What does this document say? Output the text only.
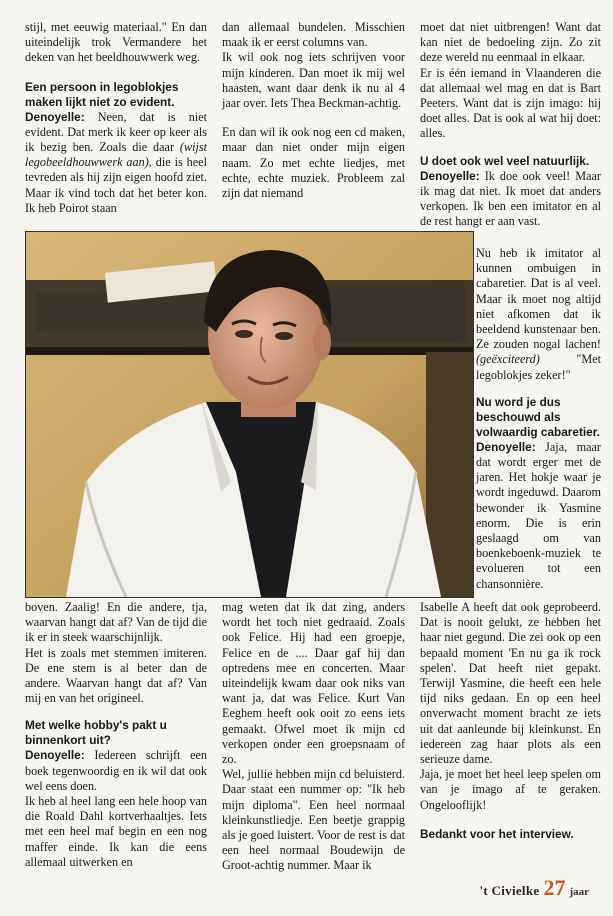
stijl, met eeuwig materiaal." En dan uiteindelijk trok Vermandere het deken van het beeldhouwwerk weg.

Een persoon in legoblokjes maken lijkt niet zo evident.

Denoyelle: Neen, dat is niet evident. Dat merk ik keer op keer als ik bezig ben. Zoals die daar (wijst legobeeldhouwwerk aan), die is heel tevreden als hij zijn eigen hoofd ziet. Maar ik vind toch dat het beter kon. Ik heb Poirot staan

dan allemaal bundelen. Misschien maak ik er eerst columns van.

Ik wil ook nog iets schrijven voor mijn kinderen. Dan moet ik mij wel haasten, want daar denk ik nu al 4 jaar over. Iets Thea Beckman-achtig.

En dan wil ik ook nog een cd maken, maar dan niet onder mijn eigen naam. Zo met echte liedjes, met echte, echte muziek. Probleem zal zijn dat niemand

moet dat niet uitbrengen! Want dat kan niet de bedoeling zijn. Zo zit deze wereld nu eenmaal in elkaar.

Er is één iemand in Vlaanderen die dat allemaal wel mag en dat is Bart Peeters. Want dat is zijn imago: hij doet alles. Dat is ook al wat hij doet: alles.

U doet ook wel veel natuurlijk.

Denoyelle: Ik doe ook veel! Maar ik mag dat niet. Ik moet dat anders verkopen. Ik ben een imitator en al de rest hangt er aan vast.

Nu heb ik imitator al kunnen ombuigen in cabaretier. Dat is al veel. Maar ik moet nog altijd niet afkomen dat ik beeldend kunstenaar ben. Ze zouden nogal lachen! (geëxciteerd)	"Met legoblokjes zeker!"

Nu word je dus beschouwd als volwaardig cabaretier.

Denoyelle: Jaja, maar dat wordt erger met de jaren. Het hokje waar je wordt ingeduwd. Daarom bewonder ik Yasmine enorm. Die is erin geslaagd om van boenkeboenk-muziek te evolueren tot een chansonnière.

boven. Zaalig! En die andere, tja, waarvan hangt dat af? Van de tijd die ik er in steek waarschijnlijk.

Het is zoals met stemmen imiteren. De ene stem is al beter dan de andere. Waarvan hangt dat af? Van mij en van het origineel.

Met welke hobby's pakt u binnenkort uit?

Denoyelle: Iedereen schrijft een boek tegenwoordig en ik wil dat ook wel eens doen.

Ik heb al heel lang een hele hoop van die Roald Dahl kortverhaaltjes. Iets met een heel maf begin en een nog maffer einde. Ik kan die eens allemaal uitwerken en

mag weten dat ik dat zing, anders wordt het toch niet gedraaid. Zoals ook Felice. Hij had een groepje, Felice en de .... Daar gaf hij dan optredens mee en concerten. Maar uiteindelijk kwam daar ook niks van want ja, dat was Felice. Kurt Van Eeghem heeft ook ooit zo eens iets gemaakt. Ofwel moet ik mijn cd verkopen onder een groepsnaam of zo.

Wel, jullie hebben mijn cd beluisterd. Daar staat een nummer op: "Ik heb mijn diploma". Een heel normaal kleinkunstliedje. Een beetje grappig als je goed luistert. Voor de rest is dat een heel normaal Boudewijn de Groot-achtig nummer. Maar ik

Isabelle A heeft dat ook geprobeerd. Dat is nooit gelukt, ze hebben het haar niet gegund. Die zei ook op een bepaald moment 'En nu ga ik rock spelen'. Dat heeft niet gepakt. Terwijl Yasmine, die heeft een hele tijd niks gedaan. En op een heel onverwacht moment bracht ze iets uit dat aanleunde bij kleinkunst. En iedereen zag haar plots als een serieuze dame.

Jaja, je moet het heel leep spelen om van je imago af te geraken. Ongelooflijk!

Bedankt voor het interview.

't Civielke 27 jaar
